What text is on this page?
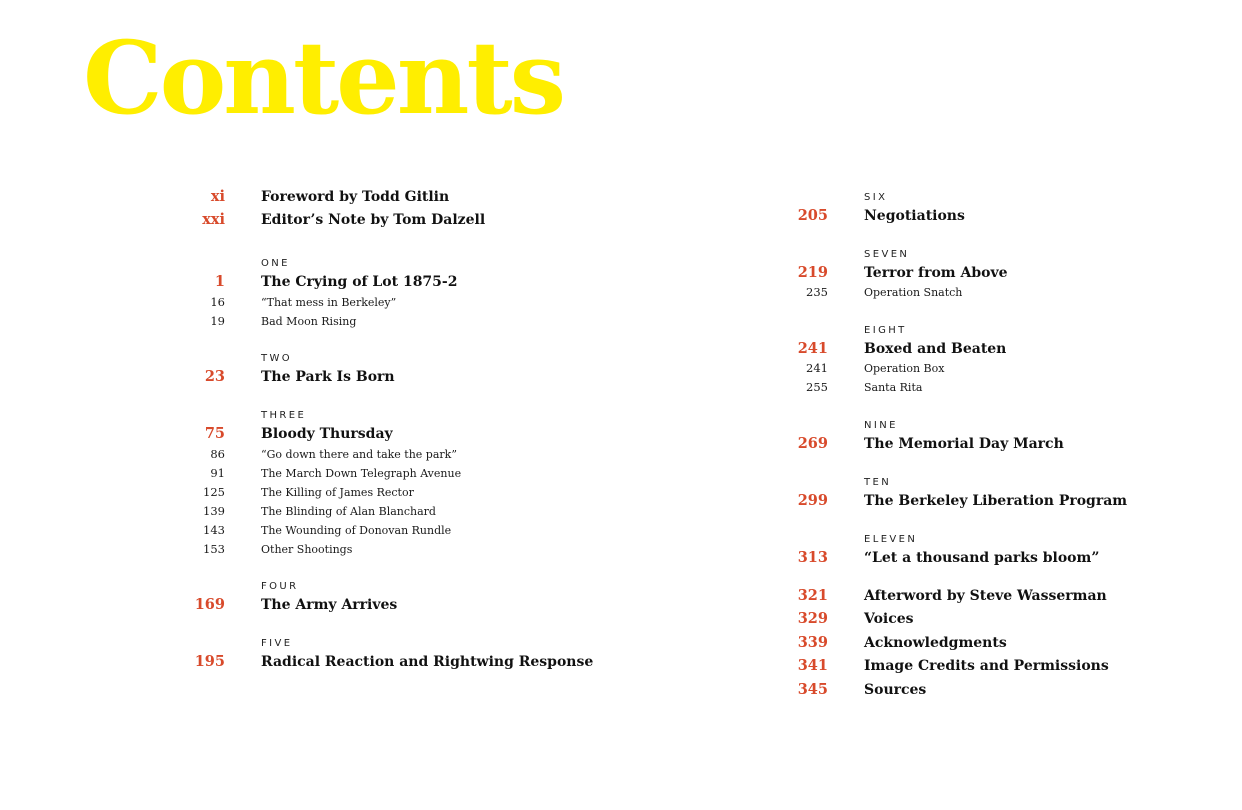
Contents
xi	Foreword by Todd Gitlin
xxi	Editor’s Note by Tom Dalzell
ONE
1	The Crying of Lot 1875-2
16	“That mess in Berkeley”
19	Bad Moon Rising
TWO
23	The Park Is Born
THREE
75	Bloody Thursday
86	“Go down there and take the park”
91	The March Down Telegraph Avenue
125	The Killing of James Rector
139	The Blinding of Alan Blanchard
143	The Wounding of Donovan Rundle
153	Other Shootings
FOUR
169	The Army Arrives
FIVE
195	Radical Reaction and Rightwing Response
SIX
205	Negotiations
SEVEN
219	Terror from Above
235	Operation Snatch
EIGHT
241	Boxed and Beaten
241	Operation Box
255	Santa Rita
NINE
269	The Memorial Day March
TEN
299	The Berkeley Liberation Program
ELEVEN
313	“Let a thousand parks bloom”
321	Afterword by Steve Wasserman
329	Voices
339	Acknowledgments
341	Image Credits and Permissions
345	Sources
